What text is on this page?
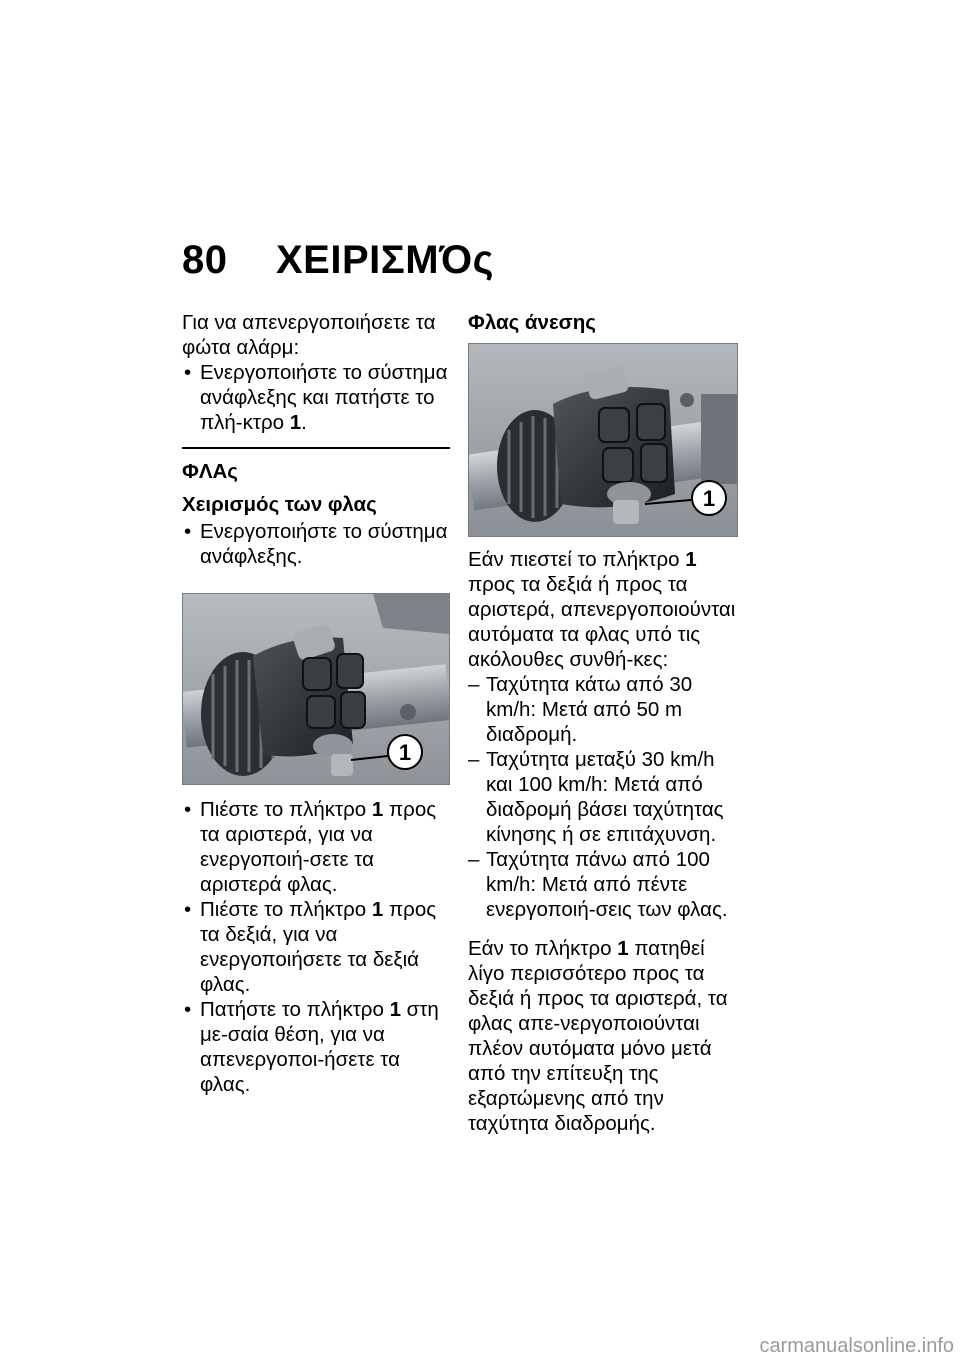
80 ΧΕΙΡΙΣΜΌς

Για να απενεργοποιήσετε τα φώτα αλάρμ:

• Ενεργοποιήστε το σύστημα ανάφλεξης και πατήστε το πλή-κτρο 1.

ΦΛΑς
Χειρισμός των φλας

• Ενεργοποιήστε το σύστημα ανάφλεξης.

1

• Πιέστε το πλήκτρο 1 προς τα αριστερά, για να ενεργοποιή-σετε τα αριστερά φλας.

• Πιέστε το πλήκτρο 1 προς τα δεξιά, για να ενεργοποιήσετε τα δεξιά φλας.

• Πατήστε το πλήκτρο 1 στη με-σαία θέση, για να απενεργοποι-ήσετε τα φλας.

Φλας άνεσης
1

Εάν πιεστεί το πλήκτρο 1 προς τα δεξιά ή προς τα αριστερά, απενεργοποιούνται αυτόματα τα φλας υπό τις ακόλουθες συνθή-κες:

– Ταχύτητα κάτω από 30 km/h: Μετά από 50 m διαδρομή.

– Ταχύτητα μεταξύ 30 km/h και 100 km/h: Μετά από διαδρομή βάσει ταχύτητας κίνησης ή σε επιτάχυνση.

– Ταχύτητα πάνω από 100 km/h: Μετά από πέντε ενεργοποιή-σεις των φλας.

Εάν το πλήκτρο 1 πατηθεί λίγο περισσότερο προς τα δεξιά ή προς τα αριστερά, τα φλας απε-νεργοποιούνται πλέον αυτόματα μόνο μετά από την επίτευξη της εξαρτώμενης από την ταχύτητα διαδρομής.

carmanualsonline.info
